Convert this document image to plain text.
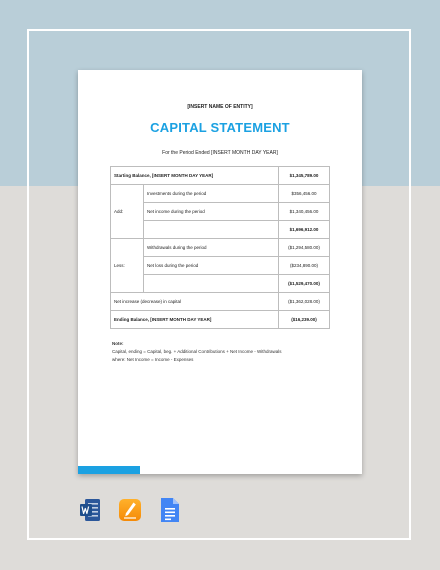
[INSERT NAME OF ENTITY]
CAPITAL STATEMENT
For the Period Ended [INSERT MONTH DAY YEAR]
Starting Balance, [INSERT MONTH DAY YEAR]		$1,345,789.00
Add:	Investments during the period	$356,456.00
	Net income during the period	$1,340,456.00
		$1,696,912.00
Less:	Withdrawals during the period	($1,294,580.00)
	Net loss during the period	($234,890.00)
		($1,529,470.00)
Net increase (decrease) in capital		($1,362,028.00)
Ending Balance, [INSERT MONTH DAY YEAR]		($16,239.00)
Note:
Capital, ending = Capital, beg. + Additional Contributions + Net Income - Withdrawals
where: Net Income = Income - Expenses
